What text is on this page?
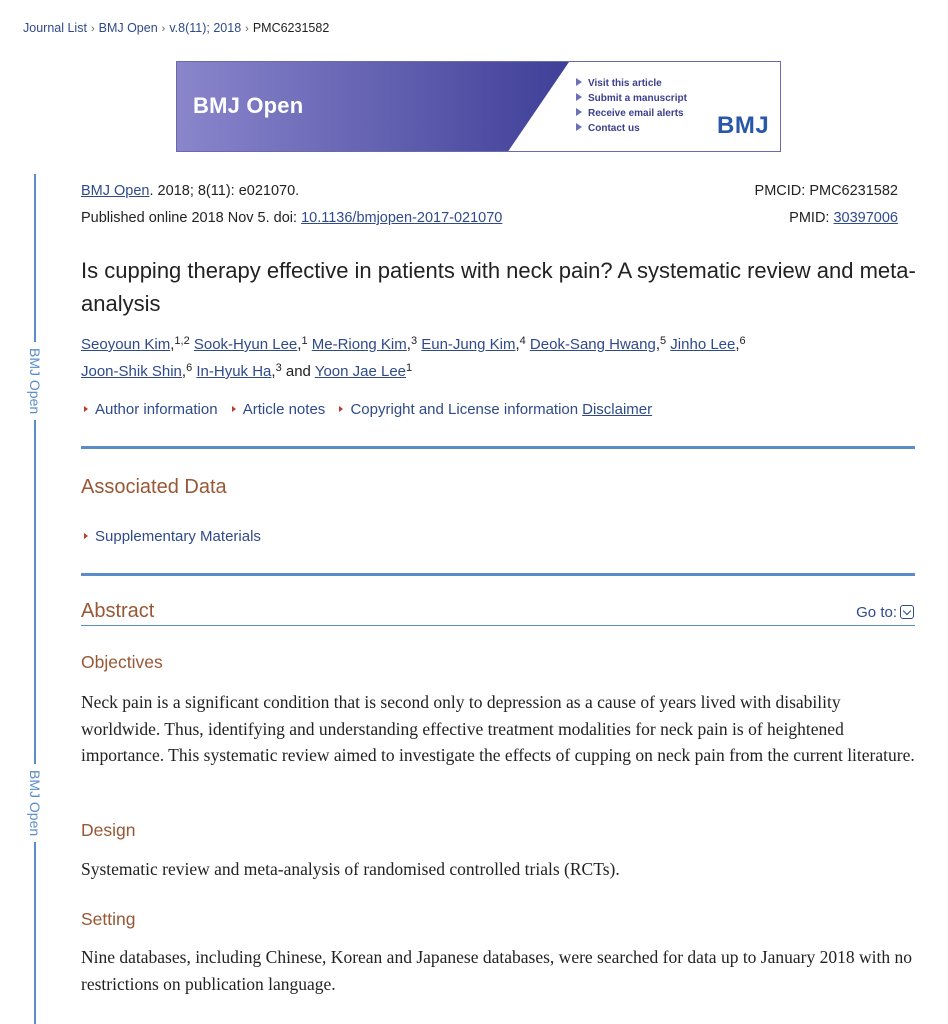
Journal List › BMJ Open › v.8(11); 2018 › PMC6231582
BMJ Open
Visit this article
Submit a manuscript
Receive email alerts
Contact us	BMJ
BMJ Open
BMJ Open
BMJ Open. 2018; 8(11): e021070.
Published online 2018 Nov 5. doi: 10.1136/bmjopen-2017-021070
PMCID: PMC6231582
PMID: 30397006
Is cupping therapy effective in patients with neck pain? A systematic review and meta-analysis
Seoyoun Kim,$^{1,2}$ Sook-Hyun Lee,$^1$ Me-Riong Kim,$^3$ Eun-Jung Kim,$^4$ Deok-Sang Hwang,$^5$ Jinho Lee,$^6$
Joon-Shik Shin,$^6$ In-Hyuk Ha,$^3$ and Yoon Jae Lee$^1$
Author information Article notes Copyright and License information Disclaimer
Associated Data
Supplementary Materials
Abstract	Go to:
Objectives

Neck pain is a significant condition that is second only to depression as a cause of years lived with disability worldwide. Thus, identifying and understanding effective treatment modalities for neck pain is of heightened importance. This systematic review aimed to investigate the effects of cupping on neck pain from the current literature.

Design

Systematic review and meta-analysis of randomised controlled trials (RCTs).

Setting

Nine databases, including Chinese, Korean and Japanese databases, were searched for data up to January 2018 with no restrictions on publication language.
